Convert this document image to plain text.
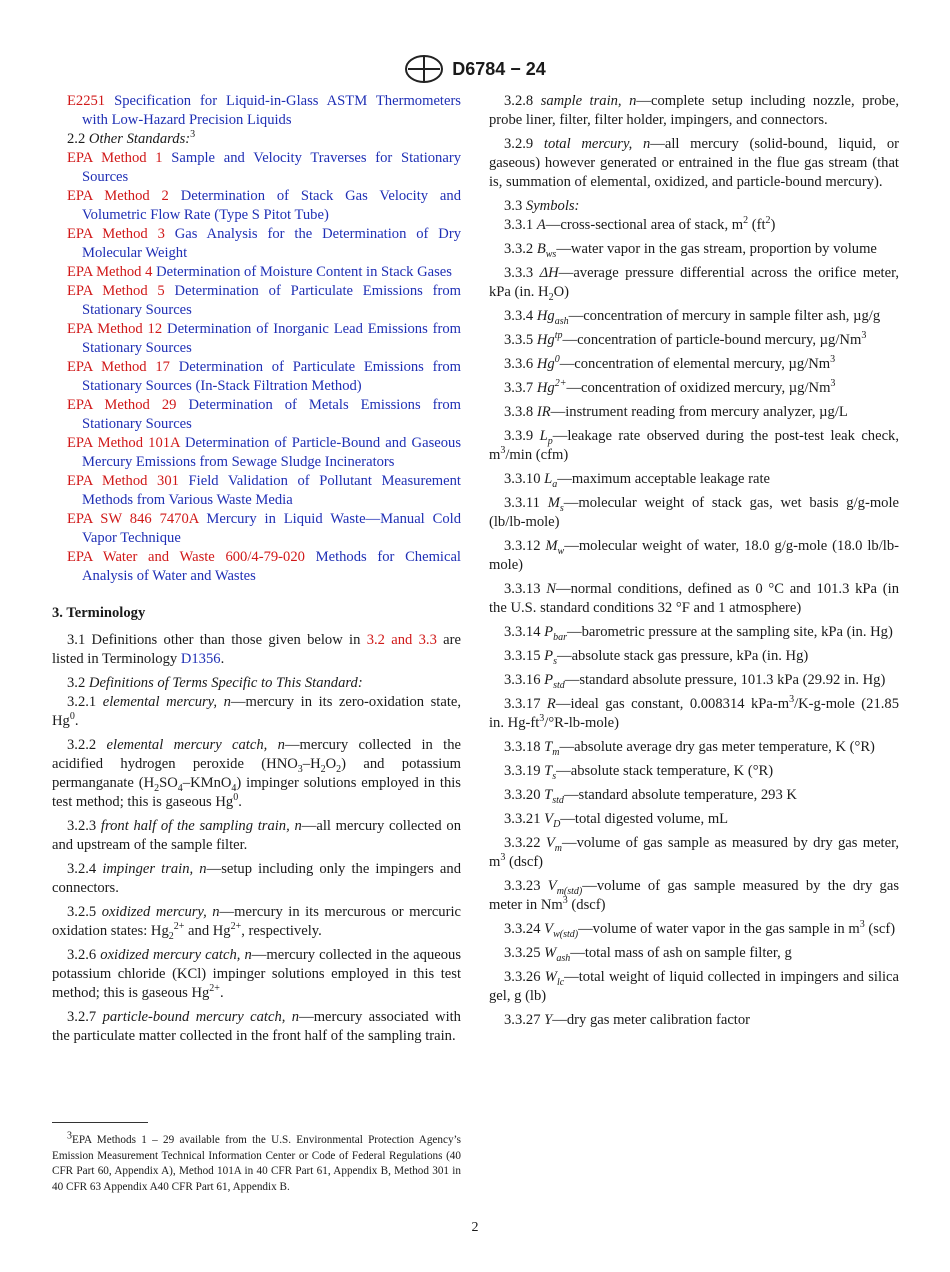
D6784 − 24

E2251 Specification for Liquid-in-Glass ASTM Thermometers with Low-Hazard Precision Liquids

2.2 Other Standards:$^3$

EPA Method 1 Sample and Velocity Traverses for Stationary Sources

EPA Method 2 Determination of Stack Gas Velocity and Volumetric Flow Rate (Type S Pitot Tube)

EPA Method 3 Gas Analysis for the Determination of Dry Molecular Weight

EPA Method 4 Determination of Moisture Content in Stack Gases

EPA Method 5 Determination of Particulate Emissions from Stationary Sources

EPA Method 12 Determination of Inorganic Lead Emissions from Stationary Sources

EPA Method 17 Determination of Particulate Emissions from Stationary Sources (In-Stack Filtration Method)

EPA Method 29 Determination of Metals Emissions from Stationary Sources

EPA Method 101A Determination of Particle-Bound and Gaseous Mercury Emissions from Sewage Sludge Incinerators

EPA Method 301 Field Validation of Pollutant Measurement Methods from Various Waste Media

EPA SW 846 7470A Mercury in Liquid Waste—Manual Cold Vapor Technique

EPA Water and Waste 600/4-79-020 Methods for Chemical Analysis of Water and Wastes

3. Terminology

3.1 Definitions other than those given below in 3.2 and 3.3 are listed in Terminology D1356.

3.2 Definitions of Terms Specific to This Standard:

3.2.1 elemental mercury, n—mercury in its zero-oxidation state, Hg$^0$.

3.2.2 elemental mercury catch, n—mercury collected in the acidified hydrogen peroxide $(HNO_3-H_2O_2)$ and potassium permanganate $(H_2SO_4-KMnO_4)$ impinger solutions employed in this test method; this is gaseous Hg$^0$.

3.2.3 front half of the sampling train, n—all mercury collected on and upstream of the sample filter.

3.2.4 impinger train, n—setup including only the impingers and connectors.

3.2.5 oxidized mercury, n—mercury in its mercurous or mercuric oxidation states: $Hg_2^{2+}$ and $Hg^{2+}$, respectively.

3.2.6 oxidized mercury catch, n—mercury collected in the aqueous potassium chloride (KCl) impinger solutions employed in this test method; this is gaseous $Hg^{2+}$.

3.2.7 particle-bound mercury catch, n—mercury associated with the particulate matter collected in the front half of the sampling train.

3.2.8 sample train, n—complete setup including nozzle, probe, probe liner, filter, filter holder, impingers, and connectors.

3.2.9 total mercury, n—all mercury (solid-bound, liquid, or gaseous) however generated or entrained in the flue gas stream (that is, summation of elemental, oxidized, and particle-bound mercury).

3.3 Symbols:

3.3.1 A—cross-sectional area of stack, $m^2$ $(ft^2)$

3.3.2 $B_{ws}—water$ vapor in the gas stream, proportion by volume

3.3.3 ΔH—average pressure differential across the orifice meter, kPa (in. $H_2O$)

3.3.4 $Hg_{ash}—concentration$ of mercury in sample filter ash, µg/g

3.3.5 $Hg^{tp}—concentration$ of particle-bound mercury, µg/Nm$^3$

3.3.6 Hg$^0$—concentration of elemental mercury, µg/Nm$^3$

3.3.7 $Hg^{2+}—concentration$ of oxidized mercury, µg/Nm$^3$

3.3.8 IR—instrument reading from mercury analyzer, µg/L

3.3.9 $L_p—leakage$ rate observed during the post-test leak check, $m^3/\min$ (cfm)

3.3.10 $L_a—maximum$ acceptable leakage rate

3.3.11 $M_s—molecular$ weight of stack gas, wet basis g/g-mole (lb/lb-mole)

3.3.12 $M_w—molecular$ weight of water, 18.0 g/g-mole (18.0 lb/lb-mole)

3.3.13 N—normal conditions, defined as 0 °C and 101.3 kPa (in the U.S. standard conditions 32 °F and 1 atmosphere)

3.3.14 $P_{bar}—barometric$ pressure at the sampling site, kPa (in. Hg)

3.3.15 $P_s—absolute$ stack gas pressure, kPa (in. Hg)

3.3.16 $P_{std}—standard$ absolute pressure, 101.3 kPa (29.92 in. Hg)

3.3.17 R—ideal gas constant, 0.008314 kPa-$m^3/K-g$-mole (21.85 in. $Hg-ft^3/^\circ R-lb-mole$)

3.3.18 $T_m—absolute$ average dry gas meter temperature, K (°R)

3.3.19 $T_s—absolute$ stack temperature, K (°R)

3.3.20 $T_{std}—standard$ absolute temperature, 293 K

3.3.21 $V_D—total$ digested volume, mL

3.3.22 $V_m—volume$ of gas sample as measured by dry gas meter, $m^3$ (dscf)

3.3.23 $V_{m(std)}—volume$ of gas sample measured by the dry gas meter in Nm$^3$ (dscf)

3.3.24 $V_{w(std)}—volume$ of water vapor in the gas sample in $m^3$ (scf)

3.3.25 $W_{ash}—total$ mass of ash on sample filter, g

3.3.26 $W_{lc}—total$ weight of liquid collected in impingers and silica gel, g (lb)

3.3.27 Y—dry gas meter calibration factor

$^3$EPA Methods 1 – 29 available from the U.S. Environmental Protection Agency’s Emission Measurement Technical Information Center or Code of Federal Regulations (40 CFR Part 60, Appendix A), Method 101A in 40 CFR Part 61, Appendix B, Method 301 in 40 CFR 63 Appendix A40 CFR Part 61, Appendix B.

2
